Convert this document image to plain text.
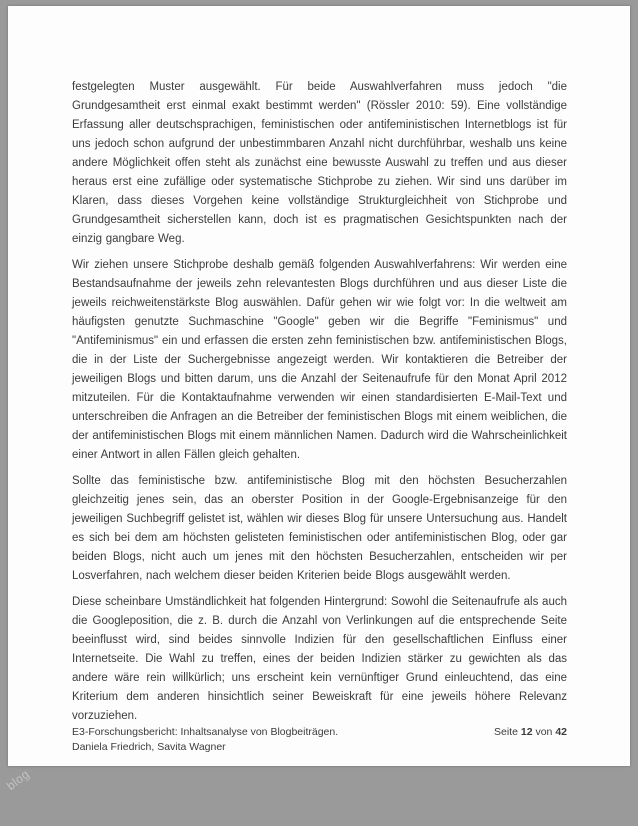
festgelegten Muster ausgewählt. Für beide Auswahlverfahren muss jedoch "die Grundgesamtheit erst einmal exakt bestimmt werden" (Rössler 2010: 59). Eine vollständige Erfassung aller deutschsprachigen, feministischen oder antifeministischen Internetblogs ist für uns jedoch schon aufgrund der unbestimmbaren Anzahl nicht durchführbar, weshalb uns keine andere Möglichkeit offen steht als zunächst eine bewusste Auswahl zu treffen und aus dieser heraus erst eine zufällige oder systematische Stichprobe zu ziehen. Wir sind uns darüber im Klaren, dass dieses Vorgehen keine vollständige Strukturgleichheit von Stichprobe und Grundgesamtheit sicherstellen kann, doch ist es pragmatischen Gesichtspunkten nach der einzig gangbare Weg.

Wir ziehen unsere Stichprobe deshalb gemäß folgenden Auswahlverfahrens: Wir werden eine Bestandsaufnahme der jeweils zehn relevantesten Blogs durchführen und aus dieser Liste die jeweils reichweitenstärkste Blog auswählen. Dafür gehen wir wie folgt vor: In die weltweit am häufigsten genutzte Suchmaschine "Google" geben wir die Begriffe "Feminismus" und "Antifeminismus" ein und erfassen die ersten zehn feministischen bzw. antifeministischen Blogs, die in der Liste der Suchergebnisse angezeigt werden. Wir kontaktieren die Betreiber der jeweiligen Blogs und bitten darum, uns die Anzahl der Seitenaufrufe für den Monat April 2012 mitzuteilen. Für die Kontaktaufnahme verwenden wir einen standardisierten E-Mail-Text und unterschreiben die Anfragen an die Betreiber der feministischen Blogs mit einem weiblichen, die der antifeministischen Blogs mit einem männlichen Namen. Dadurch wird die Wahrscheinlichkeit einer Antwort in allen Fällen gleich gehalten.

Sollte das feministische bzw. antifeministische Blog mit den höchsten Besucherzahlen gleichzeitig jenes sein, das an oberster Position in der Google-Ergebnisanzeige für den jeweiligen Suchbegriff gelistet ist, wählen wir dieses Blog für unsere Untersuchung aus. Handelt es sich bei dem am höchsten gelisteten feministischen oder antifeministischen Blog, oder gar beiden Blogs, nicht auch um jenes mit den höchsten Besucherzahlen, entscheiden wir per Losverfahren, nach welchem dieser beiden Kriterien beide Blogs ausgewählt werden.

Diese scheinbare Umständlichkeit hat folgenden Hintergrund: Sowohl die Seitenaufrufe als auch die Googleposition, die z. B. durch die Anzahl von Verlinkungen auf die entsprechende Seite beeinflusst wird, sind beides sinnvolle Indizien für den gesellschaftlichen Einfluss einer Internetseite. Die Wahl zu treffen, eines der beiden Indizien stärker zu gewichten als das andere wäre rein willkürlich; uns erscheint kein vernünftiger Grund einleuchtend, das eine Kriterium dem anderen hinsichtlich seiner Beweiskraft für eine jeweils höhere Relevanz vorzuziehen.

E3-Forschungsbericht: Inhaltsanalyse von Blogbeiträgen.	Seite 12 von 42
Daniela Friedrich, Savita Wagner
blog
